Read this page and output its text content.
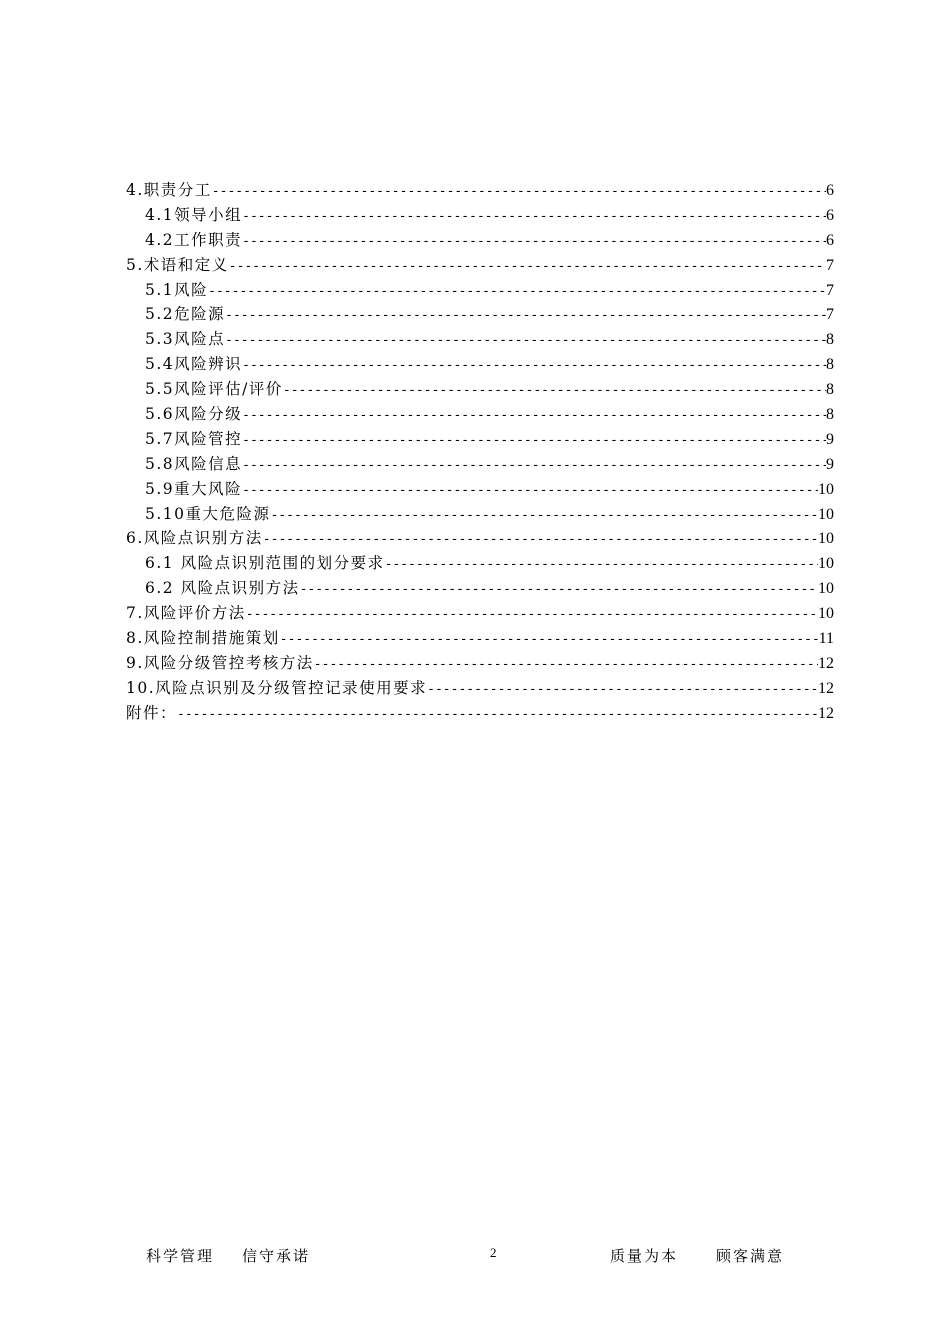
4.职责分工 -----	6
4.1领导小组 -----	6
4.2工作职责 -----	6
5.术语和定义 -----	7
5.1风险 -----	7
5.2危险源 -----	7
5.3风险点 -----	8
5.4风险辨识 -----	8
5.5风险评估/评价 -----	8
5.6风险分级 -----	8
5.7风险管控 -----	9
5.8风险信息 -----	9
5.9重大风险 -----	10
5.10重大危险源 -----	10
6.风险点识别方法 -----	10
6.1 风险点识别范围的划分要求 -----	10
6.2 风险点识别方法 -----	10
7.风险评价方法 -----	10
8.风险控制措施策划 -----	11
9.风险分级管控考核方法 -----	12
10.风险点识别及分级管控记录使用要求 -----	12
附件： -----	12
科学管理 信守承诺	2	质量为本	顾客满意
